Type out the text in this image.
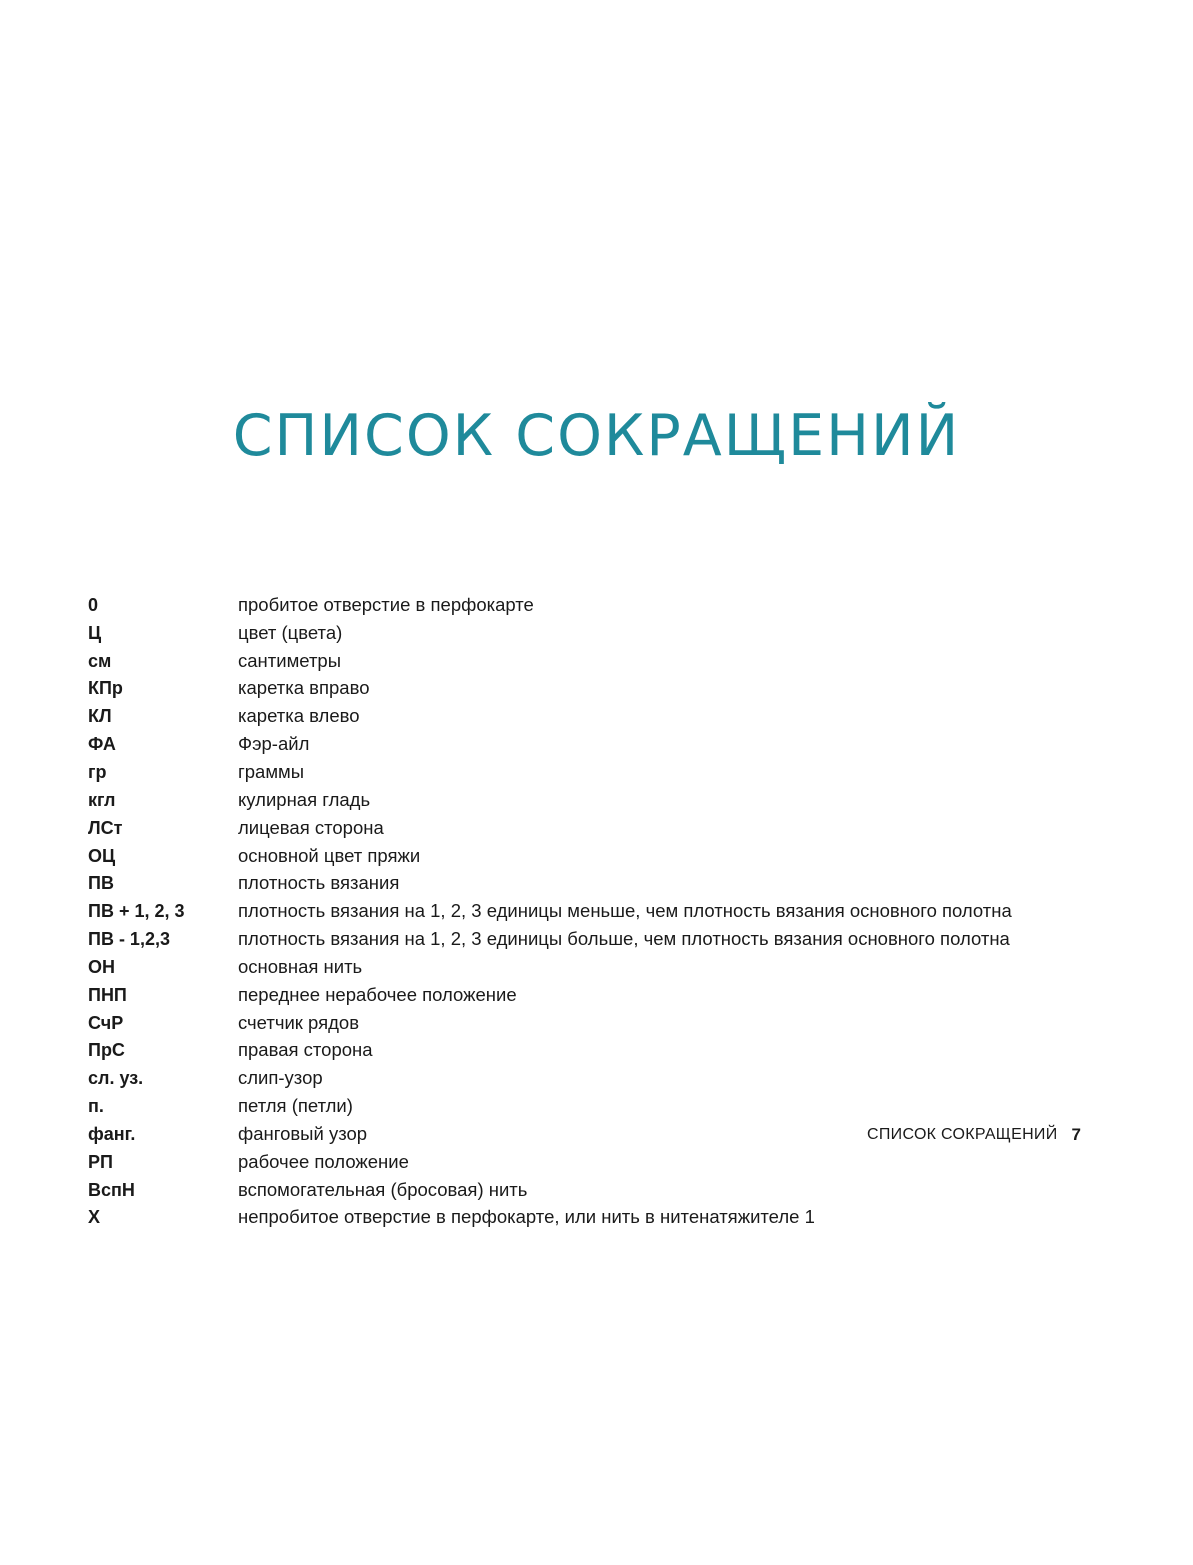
СПИСОК СОКРАЩЕНИЙ
0	пробитое отверстие в перфокарте
Ц	цвет (цвета)
см	сантиметры
КПр	каретка вправо
КЛ	каретка влево
ФА	Фэр-айл
гр	граммы
кгл	кулирная гладь
ЛСт	лицевая сторона
ОЦ	основной цвет пряжи
ПВ	плотность вязания
ПВ + 1, 2, 3	плотность вязания на 1, 2, 3 единицы меньше, чем плотность вязания основного полотна
ПВ - 1,2,3	плотность вязания на 1, 2, 3 единицы больше, чем плотность вязания основного полотна
ОН	основная нить
ПНП	переднее нерабочее положение
СчР	счетчик рядов
ПрС	правая сторона
сл. уз.	слип-узор
п.	петля (петли)
фанг.	фанговый узор
РП	рабочее положение
ВспН	вспомогательная (бросовая) нить
Х	непробитое отверстие в перфокарте, или нить в нитенатяжителе 1
СПИСОК СОКРАЩЕНИЙ 7
